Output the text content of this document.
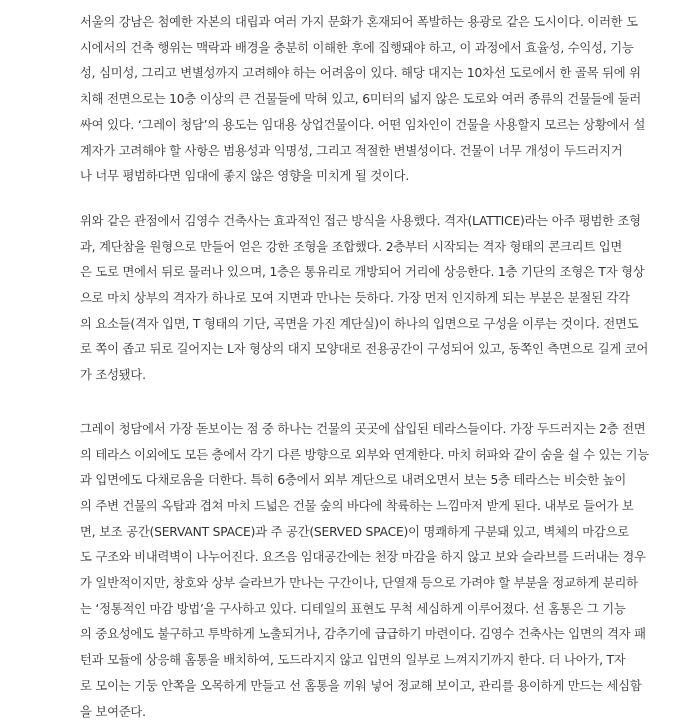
서울의 강남은 첨예한 자본의 대립과 여러 가지 문화가 혼재되어 폭발하는 용광로 같은 도시이다. 이러한 도
시에서의 건축 행위는 맥락과 배경을 충분히 이해한 후에 집행돼야 하고, 이 과정에서 효율성, 수익성, 기능
성, 심미성, 그리고 변별성까지 고려해야 하는 어려움이 있다. 해당 대지는 10차선 도로에서 한 골목 뒤에 위
치해 전면으로는 10층 이상의 큰 건물들에 막혀 있고, 6미터의 넓지 않은 도로와 여러 종류의 건물들에 둘러
싸여 있다. ‘그레이 청담’의 용도는 임대용 상업건물이다. 어떤 임차인이 건물을 사용할지 모르는 상황에서 설
계자가 고려해야 할 사항은 범용성과 익명성, 그리고 적절한 변별성이다. 건물이 너무 개성이 두드러지거
나 너무 평범하다면 임대에 좋지 않은 영향을 미치게 될 것이다.
위와 같은 관점에서 김영수 건축사는 효과적인 접근 방식을 사용했다. 격자(LATTICE)라는 아주 평범한 조형
과, 계단참을 원형으로 만들어 얻은 강한 조형을 조합했다. 2층부터 시작되는 격자 형태의 콘크리트 입면
은 도로 면에서 뒤로 물러나 있으며, 1층은 통유리로 개방되어 거리에 상응한다. 1층 기단의 조형은 T자 형상
으로 마치 상부의 격자가 하나로 모여 지면과 만나는 듯하다. 가장 먼저 인지하게 되는 부분은 분절된 각각
의 요소들(격자 입면, T 형태의 기단, 곡면을 가진 계단실)이 하나의 입면으로 구성을 이루는 것이다. 전면도
로 쪽이 좁고 뒤로 길어지는 L자 형상의 대지 모양대로 전용공간이 구성되어 있고, 동쪽인 측면으로 길게 코어
가 조성됐다.
그레이 청담에서 가장 돋보이는 점 중 하나는 건물의 곳곳에 삽입된 테라스들이다. 가장 두드러지는 2층 전면
의 테라스 이외에도 모든 층에서 각기 다른 방향으로 외부와 연계한다. 마치 허파와 같이 숨을 쉴 수 있는 기능
과 입면에도 다채로움을 더한다. 특히 6층에서 외부 계단으로 내려오면서 보는 5층 테라스는 비슷한 높이
의 주변 건물의 옥탑과 겹쳐 마치 드넓은 건물 숲의 바다에 착륙하는 느낌마저 받게 된다. 내부로 들어가 보
면, 보조 공간(SERVANT SPACE)과 주 공간(SERVED SPACE)이 명쾌하게 구분돼 있고, 벽체의 마감으로
도 구조와 비내력벽이 나누어진다. 요즈음 임대공간에는 천장 마감을 하지 않고 보와 슬라브를 드러내는 경우
가 일반적이지만, 창호와 상부 슬라브가 만나는 구간이나, 단열재 등으로 가려야 할 부분을 정교하게 분리하
는 ‘정통적인 마감 방법’을 구사하고 있다. 디테일의 표현도 무척 세심하게 이루어졌다. 선 홈통은 그 기능
의 중요성에도 불구하고 투박하게 노출되거나, 감추기에 급급하기 마련이다. 김영수 건축사는 입면의 격자 패
턴과 모듈에 상응해 홈통을 배치하여, 도드라지지 않고 입면의 일부로 느껴지기까지 한다. 더 나아가, T자
로 모이는 기둥 안쪽을 오목하게 만들고 선 홈통을 끼워 넣어 정교해 보이고, 관리를 용이하게 만드는 세심함
을 보여준다.
